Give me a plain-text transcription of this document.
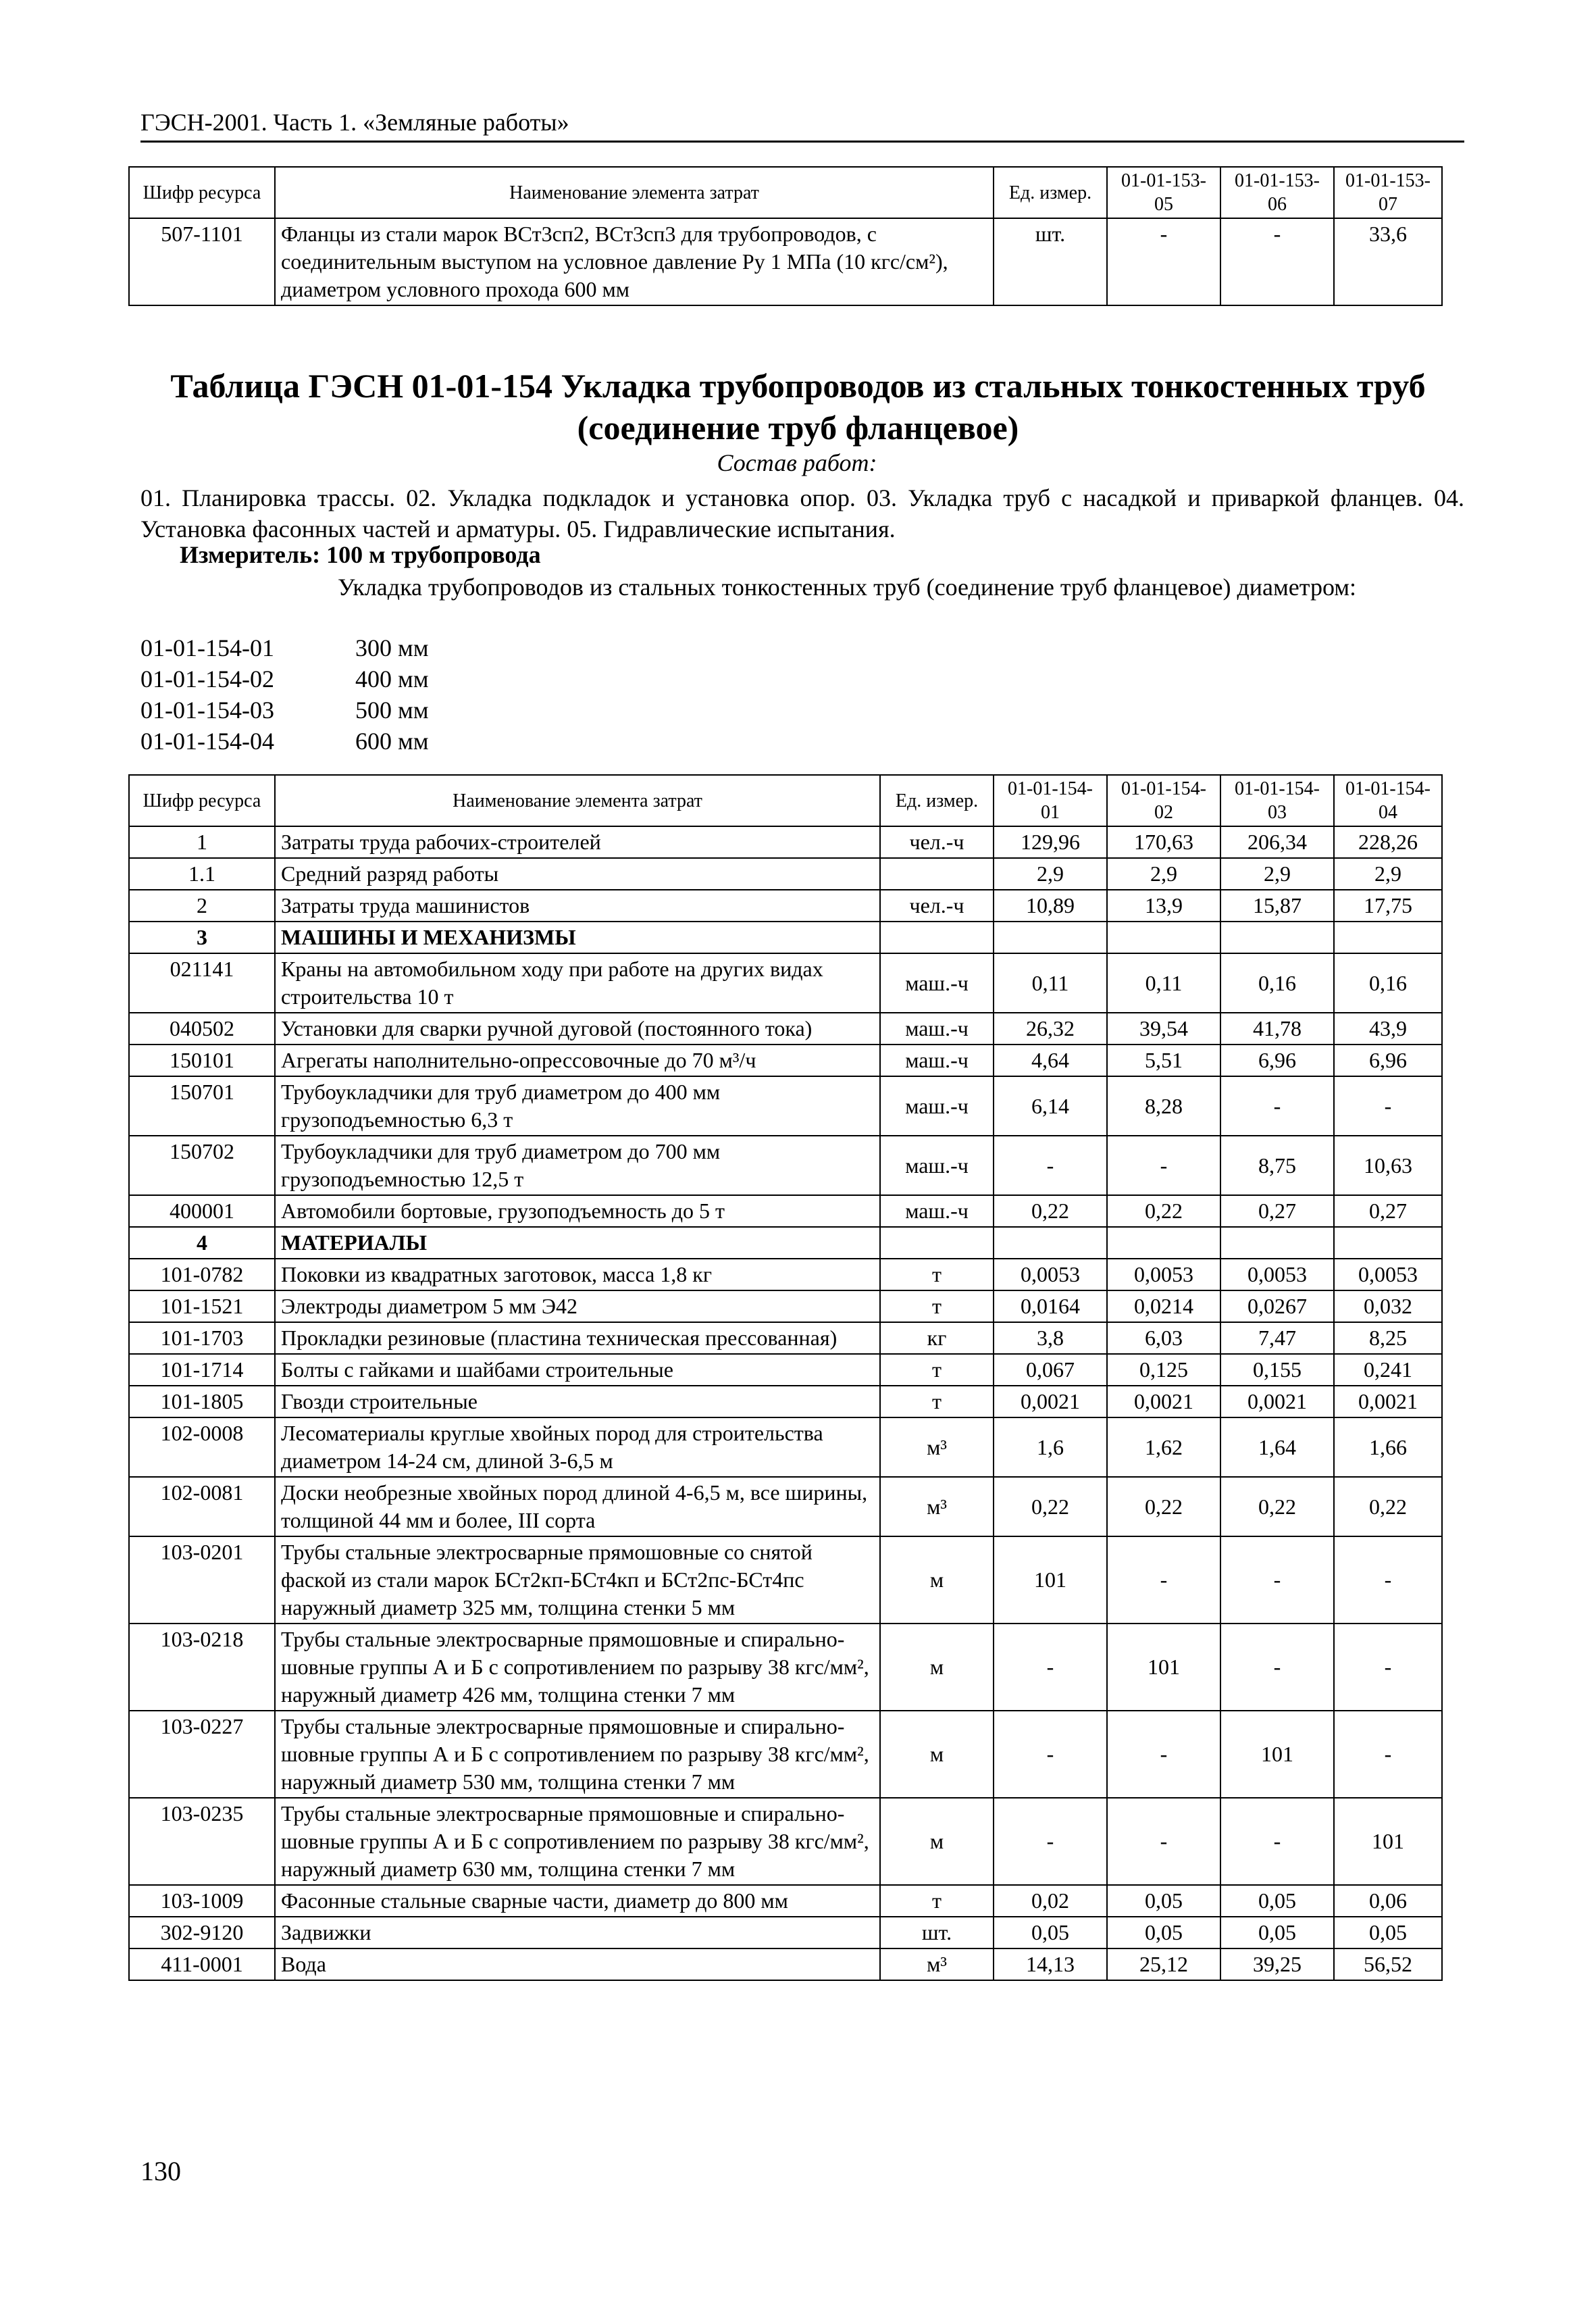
ГЭСН-2001. Часть 1. «Земляные работы»
Шифр ресурса	Наименование элемента затрат	Ед. измер.	01-01-153-05	01-01-153-06	01-01-153-07
507-1101	Фланцы из стали марок ВСт3сп2, ВСт3сп3 для трубопроводов, с соединительным выступом на условное давление Ру 1 МПа (10 кгс/см²), диаметром условного прохода 600 мм	шт.	-	-	33,6
Таблица ГЭСН 01-01-154 Укладка трубопроводов из стальных тонкостенных труб
(соединение труб фланцевое)
Состав работ:
01. Планировка трассы. 02. Укладка подкладок и установка опор. 03. Укладка труб с насадкой и приваркой фланцев. 04. Установка фасонных частей и арматуры. 05. Гидравлические испытания.
Измеритель: 100 м трубопровода
Укладка трубопроводов из стальных тонкостенных труб (соединение труб фланцевое) диаметром:
01-01-154-01	300 мм
01-01-154-02	400 мм
01-01-154-03	500 мм
01-01-154-04	600 мм
Шифр ресурса	Наименование элемента затрат	Ед. измер.	01-01-154-01	01-01-154-02	01-01-154-03	01-01-154-04
1	Затраты труда рабочих-строителей	чел.-ч	129,96	170,63	206,34	228,26
1.1	Средний разряд работы		2,9	2,9	2,9	2,9
2	Затраты труда машинистов	чел.-ч	10,89	13,9	15,87	17,75
3	МАШИНЫ И МЕХАНИЗМЫ					
021141	Краны на автомобильном ходу при работе на других видах строительства 10 т	маш.-ч	0,11	0,11	0,16	0,16
040502	Установки для сварки ручной дуговой (постоянного тока)	маш.-ч	26,32	39,54	41,78	43,9
150101	Агрегаты наполнительно-опрессовочные до 70 м³/ч	маш.-ч	4,64	5,51	6,96	6,96
150701	Трубоукладчики для труб диаметром до 400 мм грузоподъемностью 6,3 т	маш.-ч	6,14	8,28	-	-
150702	Трубоукладчики для труб диаметром до 700 мм грузоподъемностью 12,5 т	маш.-ч	-	-	8,75	10,63
400001	Автомобили бортовые, грузоподъемность до 5 т	маш.-ч	0,22	0,22	0,27	0,27
4	МАТЕРИАЛЫ					
101-0782	Поковки из квадратных заготовок, масса 1,8 кг	т	0,0053	0,0053	0,0053	0,0053
101-1521	Электроды диаметром 5 мм Э42	т	0,0164	0,0214	0,0267	0,032
101-1703	Прокладки резиновые (пластина техническая прессованная)	кг	3,8	6,03	7,47	8,25
101-1714	Болты с гайками и шайбами строительные	т	0,067	0,125	0,155	0,241
101-1805	Гвозди строительные	т	0,0021	0,0021	0,0021	0,0021
102-0008	Лесоматериалы круглые хвойных пород для строительства диаметром 14-24 см, длиной 3-6,5 м	м³	1,6	1,62	1,64	1,66
102-0081	Доски необрезные хвойных пород длиной 4-6,5 м, все ширины, толщиной 44 мм и более, III сорта	м³	0,22	0,22	0,22	0,22
103-0201	Трубы стальные электросварные прямошовные со снятой фаской из стали марок БСт2кп-БСт4кп и БСт2пс-БСт4пс наружный диаметр 325 мм, толщина стенки 5 мм	м	101	-	-	-
103-0218	Трубы стальные электросварные прямошовные и спирально-шовные группы А и Б с сопротивлением по разрыву 38 кгс/мм², наружный диаметр 426 мм, толщина стенки 7 мм	м	-	101	-	-
103-0227	Трубы стальные электросварные прямошовные и спирально-шовные группы А и Б с сопротивлением по разрыву 38 кгс/мм², наружный диаметр 530 мм, толщина стенки 7 мм	м	-	-	101	-
103-0235	Трубы стальные электросварные прямошовные и спирально-шовные группы А и Б с сопротивлением по разрыву 38 кгс/мм², наружный диаметр 630 мм, толщина стенки 7 мм	м	-	-	-	101
103-1009	Фасонные стальные сварные части, диаметр до 800 мм	т	0,02	0,05	0,05	0,06
302-9120	Задвижки	шт.	0,05	0,05	0,05	0,05
411-0001	Вода	м³	14,13	25,12	39,25	56,52
130
